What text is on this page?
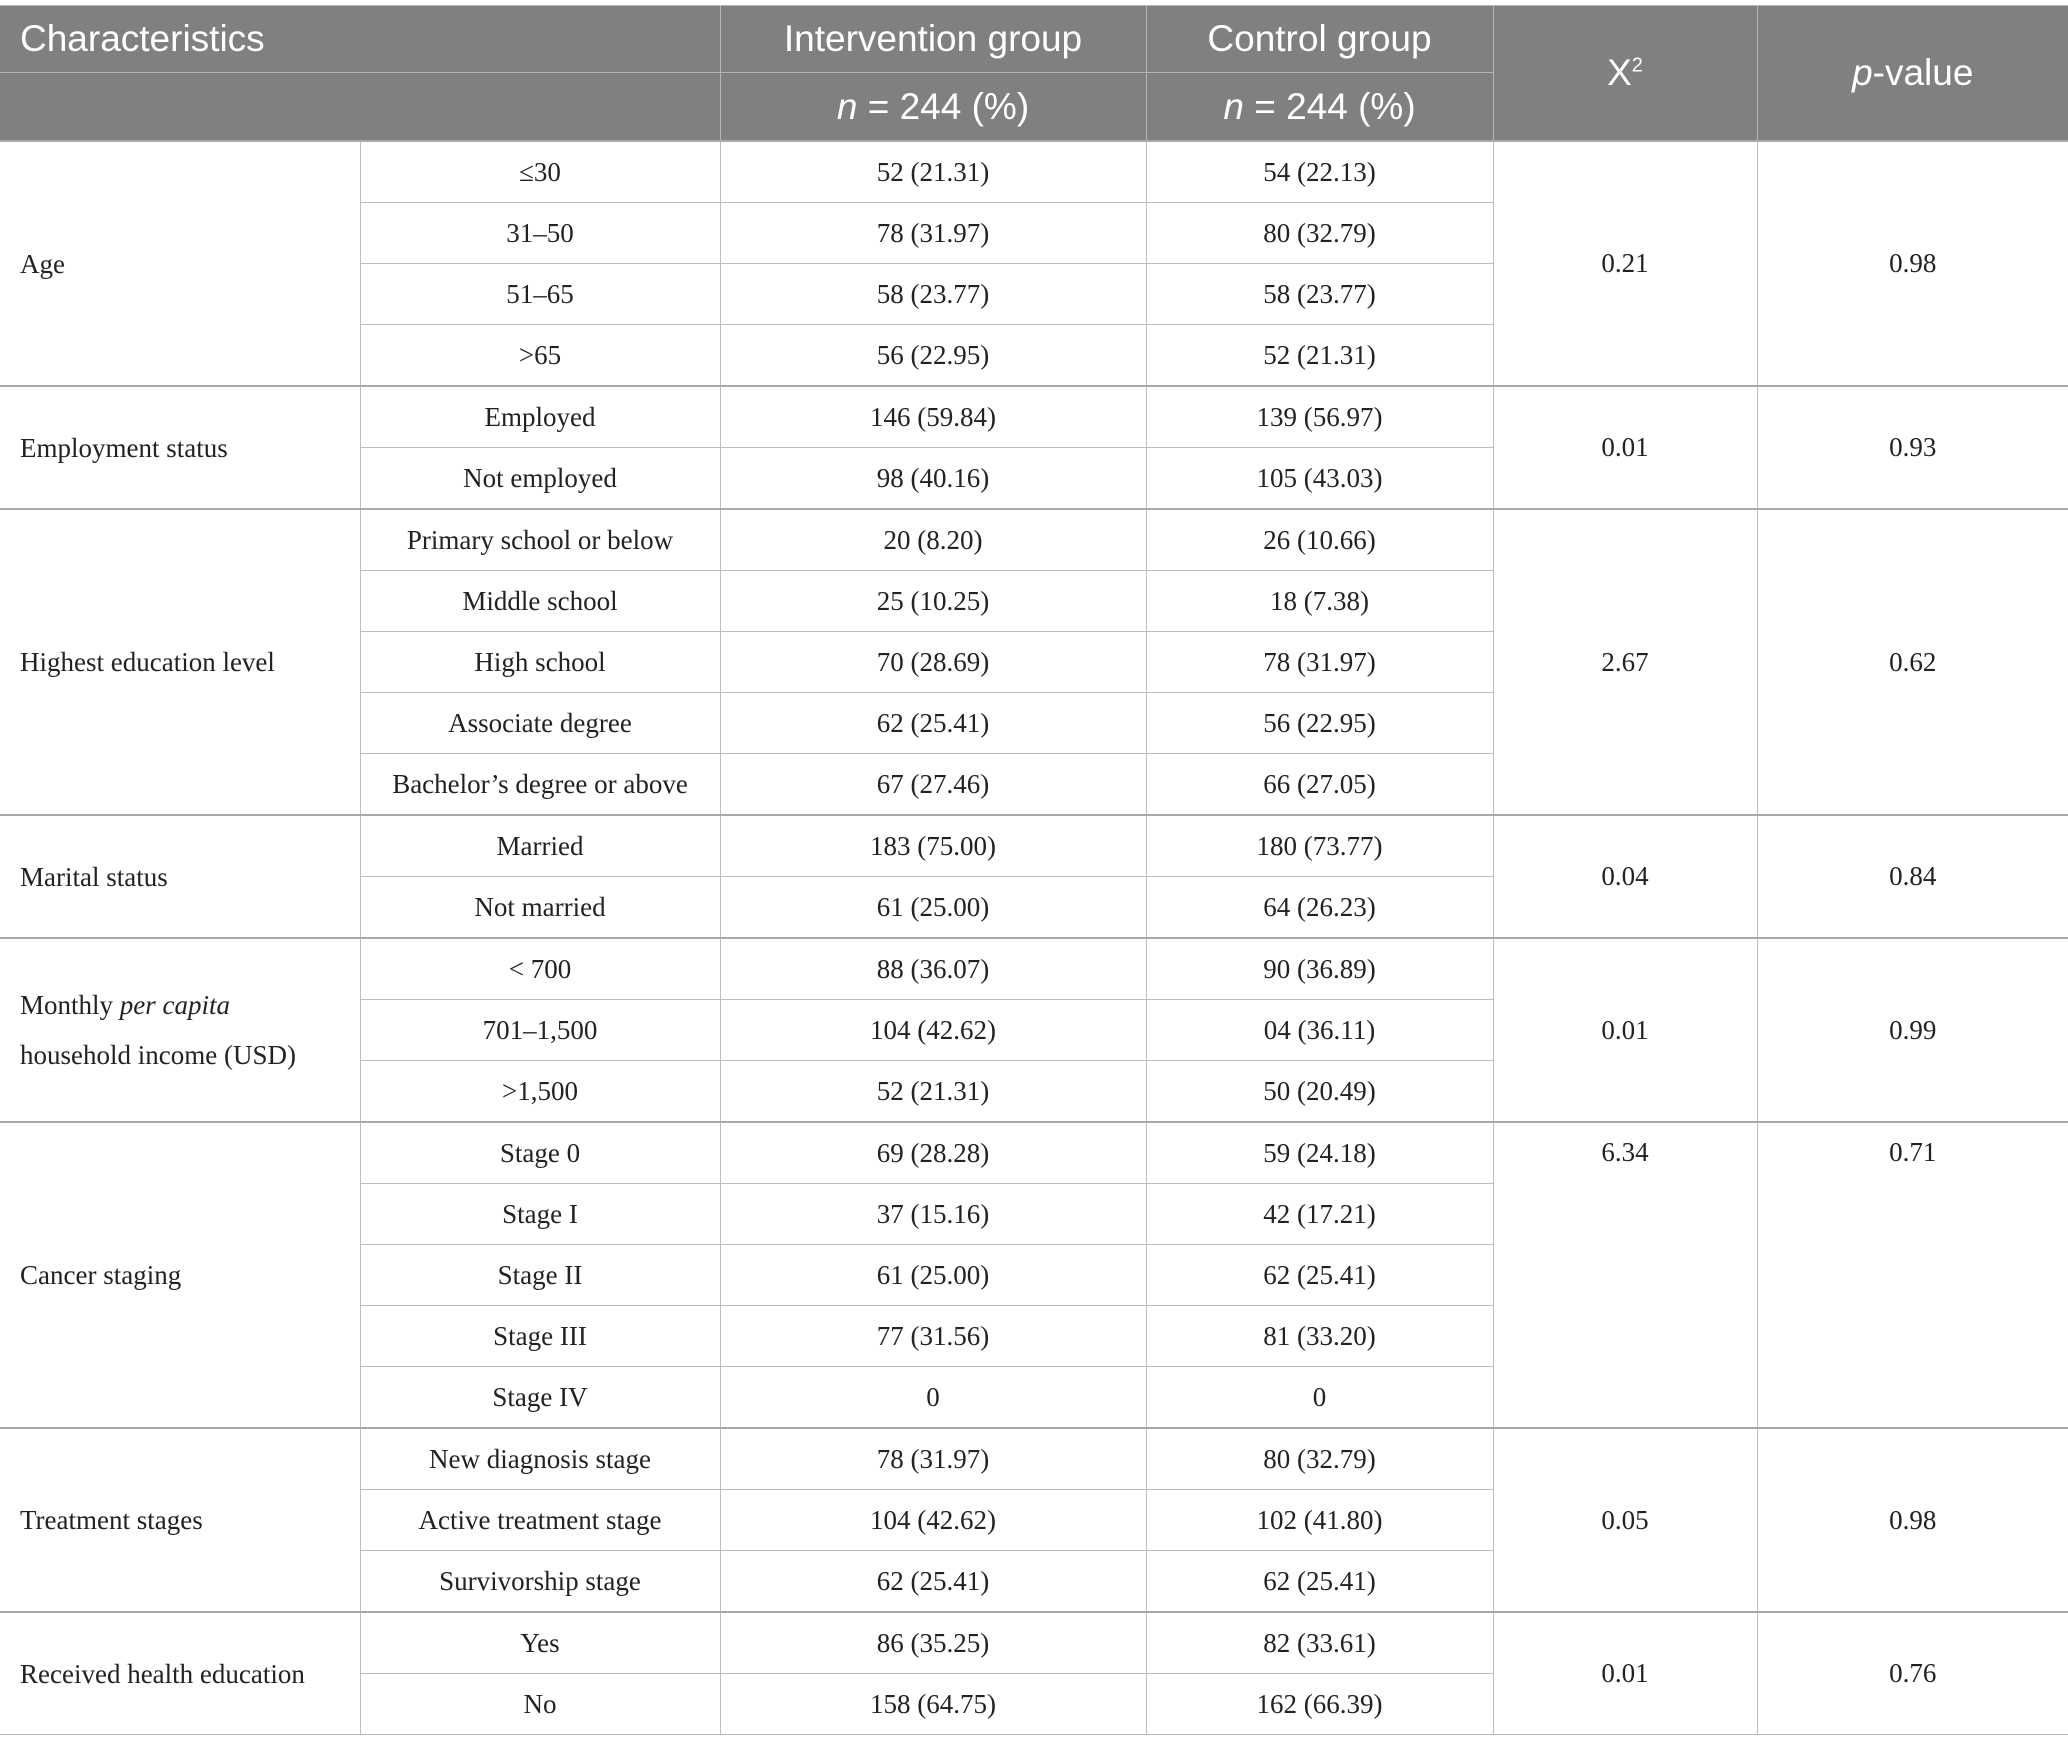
Characteristics		Intervention group	Control group	$X^2$	p-value
		n = 244 (%)	n = 244 (%)		
Age	≤30	52 (21.31)	54 (22.13)	0.21	0.98
	31–50	78 (31.97)	80 (32.79)		
	51–65	58 (23.77)	58 (23.77)		
	>65	56 (22.95)	52 (21.31)		
Employment status	Employed	146 (59.84)	139 (56.97)	0.01	0.93
	Not employed	98 (40.16)	105 (43.03)		
Highest education level	Primary school or below	20 (8.20)	26 (10.66)	2.67	0.62
	Middle school	25 (10.25)	18 (7.38)		
	High school	70 (28.69)	78 (31.97)		
	Associate degree	62 (25.41)	56 (22.95)		
	Bachelor’s degree or above	67 (27.46)	66 (27.05)		
Marital status	Married	183 (75.00)	180 (73.77)	0.04	0.84
	Not married	61 (25.00)	64 (26.23)		
Monthly per capita
household income (USD)	< 700	88 (36.07)	90 (36.89)	0.01	0.99
	701–1,500	104 (42.62)	04 (36.11)		
	>1,500	52 (21.31)	50 (20.49)		
Cancer staging	Stage 0	69 (28.28)	59 (24.18)	6.34	0.71
	Stage I	37 (15.16)	42 (17.21)		
	Stage II	61 (25.00)	62 (25.41)		
	Stage III	77 (31.56)	81 (33.20)		
	Stage IV	0	0		
Treatment stages	New diagnosis stage	78 (31.97)	80 (32.79)	0.05	0.98
	Active treatment stage	104 (42.62)	102 (41.80)		
	Survivorship stage	62 (25.41)	62 (25.41)		
Received health education	Yes	86 (35.25)	82 (33.61)	0.01	0.76
	No	158 (64.75)	162 (66.39)		
